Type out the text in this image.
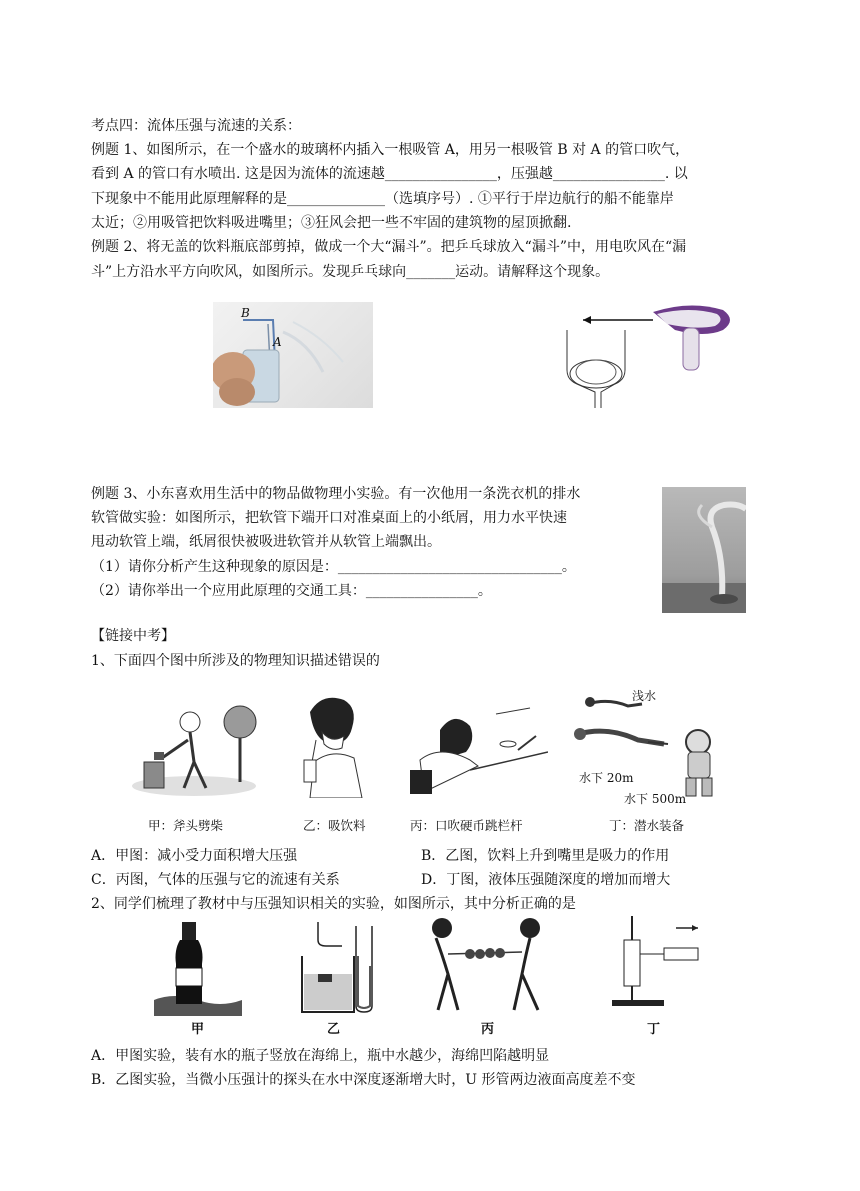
考点四：流体压强与流速的关系：
例题 1、如图所示，在一个盛水的玻璃杯内插入一根吸管 A，用另一根吸管 B 对 A 的管口吹气，
看到 A 的管口有水喷出. 这是因为流体的流速越________________，压强越________________. 以
下现象中不能用此原理解释的是______________（选填序号）. ①平行于岸边航行的船不能靠岸
太近；②用吸管把饮料吸进嘴里；③狂风会把一些不牢固的建筑物的屋顶掀翻.
例题 2、将无盖的饮料瓶底部剪掉，做成一个大“漏斗”。把乒乓球放入“漏斗”中，用电吹风在“漏
斗”上方沿水平方向吹风，如图所示。发现乒乓球向_______运动。请解释这个现象。
B
A
例题 3、小东喜欢用生活中的物品做物理小实验。有一次他用一条洗衣机的排水
软管做实验：如图所示，把软管下端开口对准桌面上的小纸屑，用力水平快速
甩动软管上端，纸屑很快被吸进软管并从软管上端飘出。
（1）请你分析产生这种现象的原因是：________________________________。
（2）请你举出一个应用此原理的交通工具：________________。
【链接中考】
1、下面四个图中所涉及的物理知识描述错误的
浅水
水下 20m
水下 500m
甲：斧头劈柴	乙：吸饮料	丙：口吹硬币跳栏杆	丁：潜水装备
A．甲图：减小受力面积增大压强	B．乙图，饮料上升到嘴里是吸力的作用
C．丙图，气体的压强与它的流速有关系	D．丁图，液体压强随深度的增加而增大
2、同学们梳理了教材中与压强知识相关的实验，如图所示，其中分析正确的是
甲	乙	丙	丁
A．甲图实验，装有水的瓶子竖放在海绵上，瓶中水越少，海绵凹陷越明显
B．乙图实验，当微小压强计的探头在水中深度逐渐增大时，U 形管两边液面高度差不变
